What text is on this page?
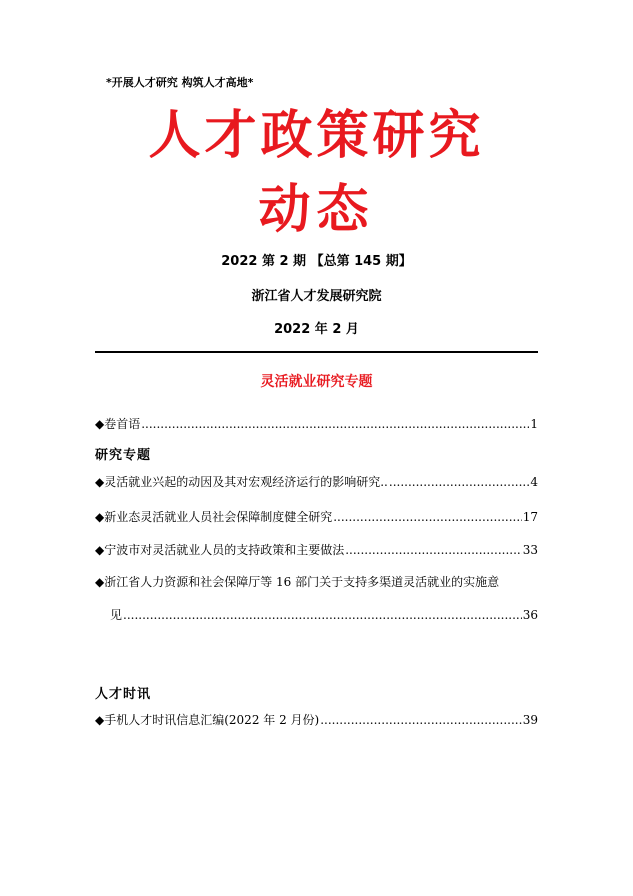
*开展人才研究 构筑人才高地*
人才政策研究
动态
2022 第 2 期 【总第 145 期】
浙江省人才发展研究院
2022 年 2 月
灵活就业研究专题
◆卷首语 .....	1
研究专题
◆灵活就业兴起的动因及其对宏观经济运行的影响研究.. .....	4
◆新业态灵活就业人员社会保障制度健全研究 .....	17
◆宁波市对灵活就业人员的支持政策和主要做法 .....	33
◆浙江省人力资源和社会保障厅等 16 部门关于支持多渠道灵活就业的实施意
见 .....	36
人才时讯
◆手机人才时讯信息汇编(2022 年 2 月份) .....	39
